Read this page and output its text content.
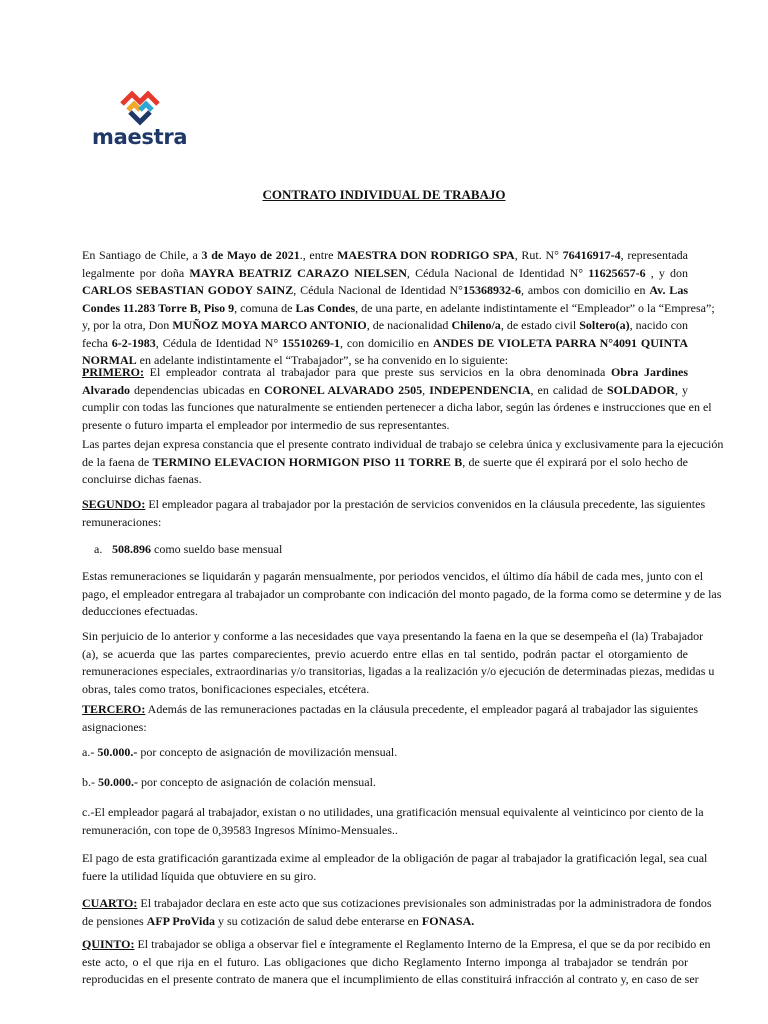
maestra
CONTRATO INDIVIDUAL DE TRABAJO
En Santiago de Chile, a 3 de Mayo de 2021., entre MAESTRA DON RODRIGO SPA, Rut. N° 76416917-4, representada
legalmente por doña MAYRA BEATRIZ CARAZO NIELSEN, Cédula Nacional de Identidad N° 11625657-6 , y don
CARLOS SEBASTIAN GODOY SAINZ, Cédula Nacional de Identidad N°15368932-6, ambos con domicilio en Av. Las
Condes 11.283 Torre B, Piso 9, comuna de Las Condes, de una parte, en adelante indistintamente el “Empleador” o la “Empresa”;
y, por la otra, Don MUÑOZ MOYA MARCO ANTONIO, de nacionalidad Chileno/a, de estado civil Soltero(a), nacido con
fecha 6-2-1983, Cédula de Identidad N° 15510269-1, con domicilio en ANDES DE VIOLETA PARRA N°4091 QUINTA
NORMAL en adelante indistintamente el “Trabajador”, se ha convenido en lo siguiente:
PRIMERO: El empleador contrata al trabajador para que preste sus servicios en la obra denominada Obra Jardines
Alvarado dependencias ubicadas en CORONEL ALVARADO 2505, INDEPENDENCIA, en calidad de SOLDADOR, y
cumplir con todas las funciones que naturalmente se entienden pertenecer a dicha labor, según las órdenes e instrucciones que en el
presente o futuro imparta el empleador por intermedio de sus representantes.
Las partes dejan expresa constancia que el presente contrato individual de trabajo se celebra única y exclusivamente para la ejecución
de la faena de TERMINO ELEVACION HORMIGON PISO 11 TORRE B, de suerte que él expirará por el solo hecho de
concluirse dichas faenas.
SEGUNDO: El empleador pagara al trabajador por la prestación de servicios convenidos en la cláusula precedente, las siguientes
remuneraciones:
a. 508.896 como sueldo base mensual
Estas remuneraciones se liquidarán y pagarán mensualmente, por periodos vencidos, el último día hábil de cada mes, junto con el
pago, el empleador entregara al trabajador un comprobante con indicación del monto pagado, de la forma como se determine y de las
deducciones efectuadas.
Sin perjuicio de lo anterior y conforme a las necesidades que vaya presentando la faena en la que se desempeña el (la) Trabajador
(a), se acuerda que las partes comparecientes, previo acuerdo entre ellas en tal sentido, podrán pactar el otorgamiento de
remuneraciones especiales, extraordinarias y/o transitorias, ligadas a la realización y/o ejecución de determinadas piezas, medidas u
obras, tales como tratos, bonificaciones especiales, etcétera.
TERCERO: Además de las remuneraciones pactadas en la cláusula precedente, el empleador pagará al trabajador las siguientes
asignaciones:
a.- 50.000.- por concepto de asignación de movilización mensual.
b.- 50.000.- por concepto de asignación de colación mensual.
c.-El empleador pagará al trabajador, existan o no utilidades, una gratificación mensual equivalente al veinticinco por ciento de la
remuneración, con tope de 0,39583 Ingresos Mínimo-Mensuales..
El pago de esta gratificación garantizada exime al empleador de la obligación de pagar al trabajador la gratificación legal, sea cual
fuere la utilidad líquida que obtuviere en su giro.
CUARTO: El trabajador declara en este acto que sus cotizaciones previsionales son administradas por la administradora de fondos
de pensiones AFP ProVida y su cotización de salud debe enterarse en FONASA.
QUINTO: El trabajador se obliga a observar fiel e íntegramente el Reglamento Interno de la Empresa, el que se da por recibido en
este acto, o el que rija en el futuro. Las obligaciones que dicho Reglamento Interno imponga al trabajador se tendrán por
reproducidas en el presente contrato de manera que el incumplimiento de ellas constituirá infracción al contrato y, en caso de ser
